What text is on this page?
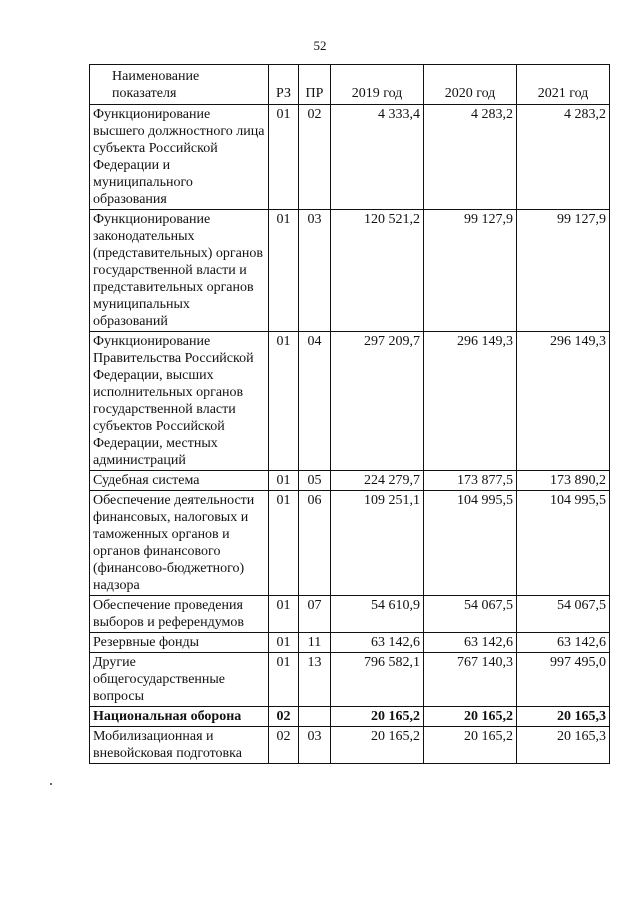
52
Наименование показателя	РЗ	ПР	2019 год	2020 год	2021 год
Функционирование высшего должностного лица субъекта Российской Федерации и муниципального образования	01	02	4 333,4	4 283,2	4 283,2
Функционирование законодательных (представительных) органов государственной власти и представительных органов муниципальных образований	01	03	120 521,2	99 127,9	99 127,9
Функционирование Правительства Российской Федерации, высших исполнительных органов государственной власти субъектов Российской Федерации, местных администраций	01	04	297 209,7	296 149,3	296 149,3
Судебная система	01	05	224 279,7	173 877,5	173 890,2
Обеспечение деятельности финансовых, налоговых и таможенных органов и органов финансового (финансово-бюджетного) надзора	01	06	109 251,1	104 995,5	104 995,5
Обеспечение проведения выборов и референдумов	01	07	54 610,9	54 067,5	54 067,5
Резервные фонды	01	11	63 142,6	63 142,6	63 142,6
Другие общегосударственные вопросы	01	13	796 582,1	767 140,3	997 495,0
Национальная оборона	02		20 165,2	20 165,2	20 165,3
Мобилизационная и вневойсковая подготовка	02	03	20 165,2	20 165,2	20 165,3
